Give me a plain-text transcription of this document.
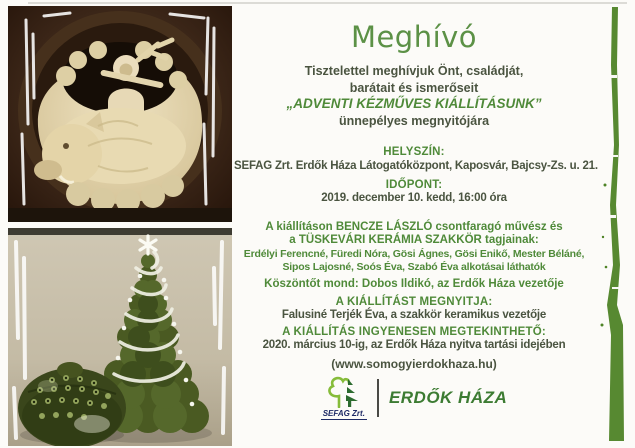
Meghívó
Tisztelettel meghívjuk Önt, családját,
barátait és ismerőseit
„ADVENTI KÉZMŰVES KIÁLLÍTÁSUNK”
ünnepélyes megnyitójára
HELYSZÍN:
SEFAG Zrt. Erdők Háza Látogatóközpont, Kaposvár, Bajcsy-Zs. u. 21.
IDŐPONT:
2019. december 10. kedd, 16:00 óra
A kiállításon BENCZE LÁSZLÓ csontfaragó művész és
a TÜSKEVÁRI KERÁMIA SZAKKÖR tagjainak:
Erdélyi Ferencné, Füredi Nóra, Gösi Ágnes, Gösi Enikő, Mester Béláné,
Sipos Lajosné, Soós Éva, Szabó Éva alkotásai láthatók
Köszöntőt mond: Dobos Ildikó, az Erdők Háza vezetője
A KIÁLLÍTÁST MEGNYITJA:
Falusiné Terjék Éva, a szakkör keramikus vezetője
A KIÁLLÍTÁS INGYENESEN MEGTEKINTHETŐ:
2020. március 10-ig, az Erdők Háza nyitva tartási idejében
(www.somogyierdokhaza.hu)
SEFAG Zrt.
ERDŐK HÁZA
